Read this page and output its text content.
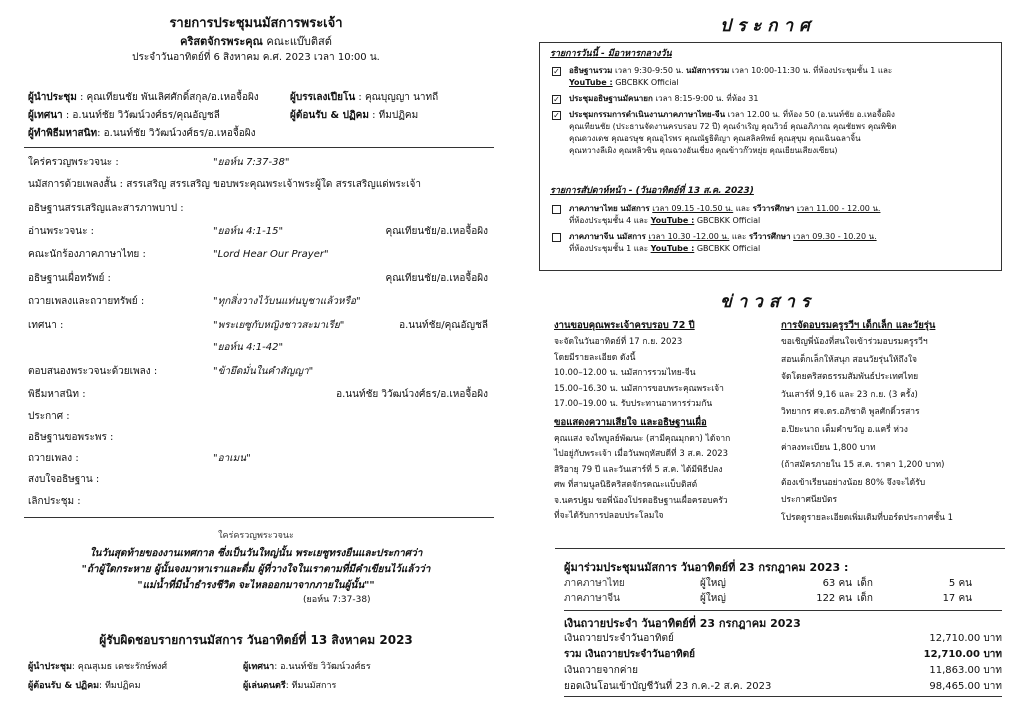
รายการประชุมนมัสการพระเจ้า
คริสตจักรพระคุณ คณะแบ๊บติสต์
ประจำวันอาทิตย์ที่ 6 สิงหาคม ค.ศ. 2023 เวลา 10:00 น.
ผู้นำประชุม : คุณเทียนชัย พันเลิศศักดิ์สกุล/อ.เหอจื้อผิง	ผู้บรรเลงเปียโน : คุณบุญญา นาทถี
ผู้เทศนา : อ.นนท์ชัย วิวัฒน์วงศ์ธร/คุณอัญชลี	ผู้ต้อนรับ & ปฏิคม : ทีมปฏิคม
ผู้ทำพิธีมหาสนิท: อ.นนท์ชัย วิวัฒน์วงศ์ธร/อ.เหอจื้อผิง
ใคร่ครวญพระวจนะ :	"ยอห์น 7:37-38"
นมัสการด้วยเพลงสั้น : สรรเสริญ สรรเสริญ ขอบพระคุณพระเจ้าพระผู้ใด สรรเสริญแด่พระเจ้า
อธิษฐานสรรเสริญและสารภาพบาป :
อ่านพระวจนะ :	"ยอห์น 4:1-15"	คุณเทียนชัย/อ.เหอจื้อผิง
คณะนักร้องภาคภาษาไทย :	"Lord Hear Our Prayer"
อธิษฐานเผื่อทรัพย์ :	คุณเทียนชัย/อ.เหอจื้อผิง
ถวายเพลงและถวายทรัพย์ :	"ทุกสิ่งวางไว้บนแท่นบูชาแล้วหรือ"
เทศนา :	"พระเยซูกับหญิงชาวสะมาเรีย"	อ.นนท์ชัย/คุณอัญชลี
"ยอห์น 4:1-42"
ตอบสนองพระวจนะด้วยเพลง :	"ข้ายึดมั่นในคำสัญญา"
พิธีมหาสนิท :	อ.นนท์ชัย วิวัฒน์วงศ์ธร/อ.เหอจื้อผิง
ประกาศ :
อธิษฐานขอพระพร :
ถวายเพลง :	"อาเมน"
สงบใจอธิษฐาน :
เลิกประชุม :
ใคร่ครวญพระวจนะ
ในวันสุดท้ายของงานเทศกาล ซึ่งเป็นวันใหญ่นั้น พระเยซูทรงยืนและประกาศว่า
"ถ้าผู้ใดกระหาย ผู้นั้นจงมาหาเราและดื่ม ผู้ที่วางใจในเราตามที่มีคำเขียนไว้แล้วว่า
"แม่น้ำที่มีน้ำธำรงชีวิต จะไหลออกมาจากภายในผู้นั้น""
(ยอห์น 7:37-38)
ผู้รับผิดชอบรายการนมัสการ วันอาทิตย์ที่ 13 สิงหาคม 2023
ผู้นำประชุม: คุณสุเมธ เดชะรักษ์พงศ์	ผู้เทศนา: อ.นนท์ชัย วิวัฒน์วงศ์ธร
ผู้ต้อนรับ & ปฏิคม: ทีมปฏิคม	ผู้เล่นดนตรี: ทีมนมัสการ
ประกาศ
รายการวันนี้ - มีอาหารกลางวัน
✓ อธิษฐานรวม เวลา 9:30-9:50 น. นมัสการรวม เวลา 10:00-11:30 น. ที่ห้องประชุมชั้น 1 และ
YouTube : GBCBKK Official
✓ ประชุมอธิษฐานมัคนายก เวลา 8:15-9:00 น. ที่ห้อง 31
✓ ประชุมกรรมการดำเนินงานภาคภาษาไทย-จีน เวลา 12.00 น. ที่ห้อง 50 (อ.นนท์ชัย อ.เหอจื้อผิง
คุณเทียนชัย (ประธานจัดงานครบรอบ 72 ปี) คุณจำเริญ คุณวิวย์ คุณอภิภาณ คุณชัยพร คุณพิชิต
คุณดวงเดช คุณอรษุช คุณอุไรพร คุณณัฐธิติญา คุณสลิลทิพย์ คุณสุขุม คุณเฉินฉลาจิ้น
คุณหวางลีเผิง คุณหลิวซิน คุณฉวงอันเชี่ยง คุณข้าวก๊วหยุ่ย คุณเยียนเสียงเซียน)
รายการสัปดาห์หน้า - (วันอาทิตย์ที่ 13 ส.ค. 2023)
ภาคภาษาไทย นมัสการ เวลา 09.15 -10.50 น. และ รวีวารศึกษา เวลา 11.00 - 12.00 น.
ที่ห้องประชุมชั้น 4 และ YouTube : GBCBKK Official
ภาคภาษาจีน นมัสการ เวลา 10.30 -12.00 น. และ รวีวารศึกษา เวลา 09.30 - 10.20 น.
ที่ห้องประชุมชั้น 1 และ YouTube : GBCBKK Official
ข่าวสาร
งานขอบคุณพระเจ้าครบรอบ 72 ปี
จะจัดในวันอาทิตย์ที่ 17 ก.ย. 2023
โดยมีรายละเอียด ดังนี้
10.00–12.00 น. นมัสการรวมไทย-จีน
15.00–16.30 น. นมัสการขอบพระคุณพระเจ้า
17.00–19.00 น. รับประทานอาหารร่วมกัน
ขอแสดงความเสียใจ และอธิษฐานเผื่อ
คุณแสง จงไพบูลย์พัฒนะ (สามีคุณมุกดา) ได้จาก
ไปอยู่กับพระเจ้า เมื่อวันพฤหัสบดีที่ 3 ส.ค. 2023
สิริอายุ 79 ปี และวันเสาร์ที่ 5 ส.ค. ได้มีพิธีปลง
ศพ ที่สามนูลนิธิคริสตจักรคณะแบ็บติสต์
จ.นครปฐม ขอพี่น้องโปรดอธิษฐานเผื่อครอบครัว
ที่จะได้รับการปลอบประโลมใจ
การจัดอบรมครูรวีฯ เด็กเล็ก และวัยรุ่น
ขอเชิญพี่น้องที่สนใจเข้าร่วมอบรมครูรวีฯ
สอนเด็กเล็กให้สนุก สอนวัยรุ่นให้ถึงใจ
จัดโดยคริสตธรรมสัมพันธ์ประเทศไทย
วันเสาร์ที่ 9,16 และ 23 ก.ย. (3 ครั้ง)
วิทยากร ศจ.ดร.อภิชาติ พูลศักดิ์วรสาร
อ.ปิยะนาถ เต็มคำขวัญ อ.แครี่ ห่วง
ค่าลงทะเบียน 1,800 บาท
(ถ้าสมัครภายใน 15 ส.ค. ราคา 1,200 บาท)
ต้องเข้าเรียนอย่างน้อย 80% จึงจะได้รับ
ประกาศนียบัตร
โปรดดูรายละเอียดเพิ่มเติมที่บอร์ดประกาศชั้น 1
ผู้มาร่วมประชุมนมัสการ วันอาทิตย์ที่ 23 กรกฎาคม 2023 :
ภาคภาษาไทย	ผู้ใหญ่	63 คน เด็ก	5 คน
ภาคภาษาจีน	ผู้ใหญ่	122 คน เด็ก	17 คน
เงินถวายประจำ วันอาทิตย์ที่ 23 กรกฎาคม 2023
เงินถวายประจำวันอาทิตย์	12,710.00 บาท
รวม เงินถวายประจำวันอาทิตย์	12,710.00 บาท
เงินถวายจากค่าย	11,863.00 บาท
ยอดเงินโอนเข้าบัญชีวันที่ 23 ก.ค.-2 ส.ค. 2023	98,465.00 บาท
